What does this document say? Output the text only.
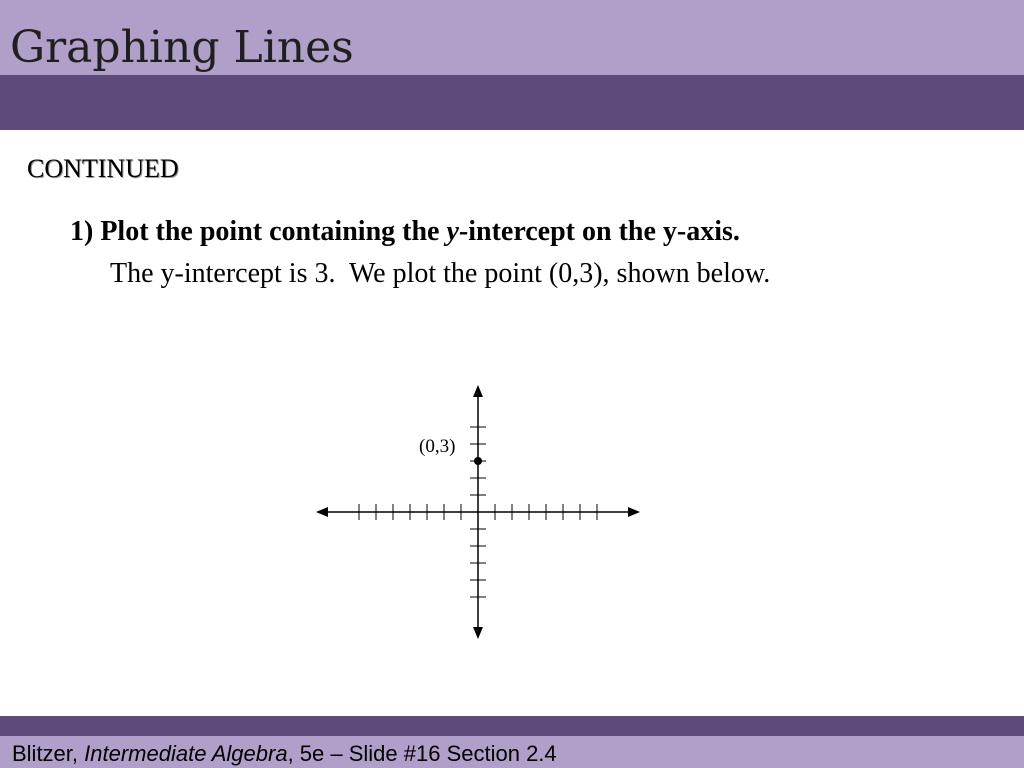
Graphing Lines
CONTINUED
1) Plot the point containing the y-intercept on the y-axis.
The y-intercept is 3.  We plot the point (0,3), shown below.
(0,3)
Blitzer, Intermediate Algebra, 5e – Slide #16 Section 2.4
